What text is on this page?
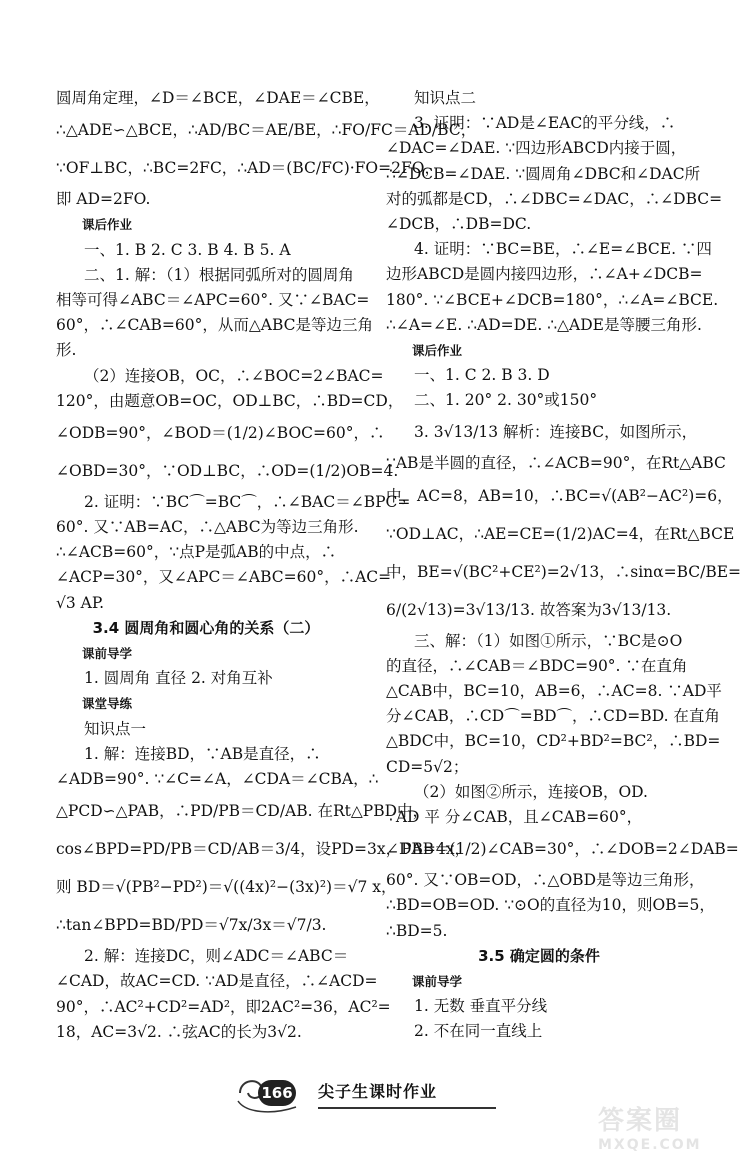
圆周角定理，∠D＝∠BCE，∠DAE＝∠CBE，
∴△ADE∽△BCE，∴AD/BC＝AE/BE，∴FO/FC＝AD/BC，
∵OF⊥BC，∴BC=2FC，∴AD＝(BC/FC)·FO=2FO，
即 AD=2FO.
课后作业
一、1. B 2. C 3. B 4. B 5. A
二、1. 解：（1）根据同弧所对的圆周角
相等可得∠ABC＝∠APC=60°. 又∵∠BAC=
60°，∴∠CAB=60°，从而△ABC是等边三角
形.
（2）连接OB，OC，∴∠BOC=2∠BAC=
120°，由题意OB=OC，OD⊥BC，∴BD=CD，
∠ODB=90°，∠BOD＝(1/2)∠BOC=60°，∴
∠OBD=30°，∵OD⊥BC，∴OD=(1/2)OB=4.
2. 证明：∵BC⌒=BC⌒，∴∠BAC＝∠BPC=
60°. 又∵AB=AC，∴△ABC为等边三角形.
∴∠ACB=60°，∵点P是弧AB的中点，∴
∠ACP=30°，又∠APC＝∠ABC=60°，∴AC=
√3 AP.
3.4 圆周角和圆心角的关系（二）
课前导学
1. 圆周角 直径 2. 对角互补
课堂导练
知识点一
1. 解：连接BD，∵AB是直径，∴
∠ADB=90°. ∵∠C=∠A，∠CDA＝∠CBA，∴
△PCD∽△PAB，∴PD/PB＝CD/AB. 在Rt△PBD中，
cos∠BPD=PD/PB＝CD/AB＝3/4，设PD=3x，PB=4x，
则 BD＝√(PB²−PD²)＝√((4x)²−(3x)²)＝√7 x，
∴tan∠BPD=BD/PD＝√7x/3x＝√7/3.
2. 解：连接DC，则∠ADC＝∠ABC＝
∠CAD，故AC=CD. ∵AD是直径，∴∠ACD=
90°，∴AC²+CD²=AD²，即2AC²=36，AC²=
18，AC=3√2. ∴弦AC的长为3√2.
知识点二
3. 证明：∵AD是∠EAC的平分线，∴
∠DAC=∠DAE. ∵四边形ABCD内接于圆，
∴∠DCB=∠DAE. ∵圆周角∠DBC和∠DAC所
对的弧都是CD，∴∠DBC=∠DAC，∴∠DBC=
∠DCB，∴DB=DC.
4. 证明：∵BC=BE，∴∠E=∠BCE. ∵四
边形ABCD是圆内接四边形，∴∠A+∠DCB=
180°. ∵∠BCE+∠DCB=180°，∴∠A=∠BCE.
∴∠A=∠E. ∴AD=DE. ∴△ADE是等腰三角形.
课后作业
一、1. C 2. B 3. D
二、1. 20° 2. 30°或150°
3. 3√13/13 解析：连接BC，如图所示，
∵AB是半圆的直径，∴∠ACB=90°，在Rt△ABC
中，AC=8，AB=10，∴BC=√(AB²−AC²)=6，
∵OD⊥AC，∴AE=CE=(1/2)AC=4，在Rt△BCE
中，BE=√(BC²+CE²)=2√13，∴sinα=BC/BE=
6/(2√13)=3√13/13. 故答案为3√13/13.
三、解：（1）如图①所示，∵BC是⊙O
的直径，∴∠CAB＝∠BDC=90°. ∵在直角
△CAB中，BC=10，AB=6，∴AC=8. ∵AD平
分∠CAB，∴CD⌒=BD⌒，∴CD=BD. 在直角
△BDC中，BC=10，CD²+BD²=BC²，∴BD=
CD=5√2；
（2）如图②所示，连接OB，OD.
∵AD 平 分∠CAB，且∠CAB=60°，
∠DAB＝(1/2)∠CAB=30°，∴∠DOB=2∠DAB=
60°. 又∵OB=OD，∴△OBD是等边三角形，
∴BD=OB=OD. ∵⊙O的直径为10，则OB=5，
∴BD=5.
3.5 确定圆的条件
课前导学
1. 无数 垂直平分线
2. 不在同一直线上
166 尖子生课时作业
答案圈
MXQE.COM
